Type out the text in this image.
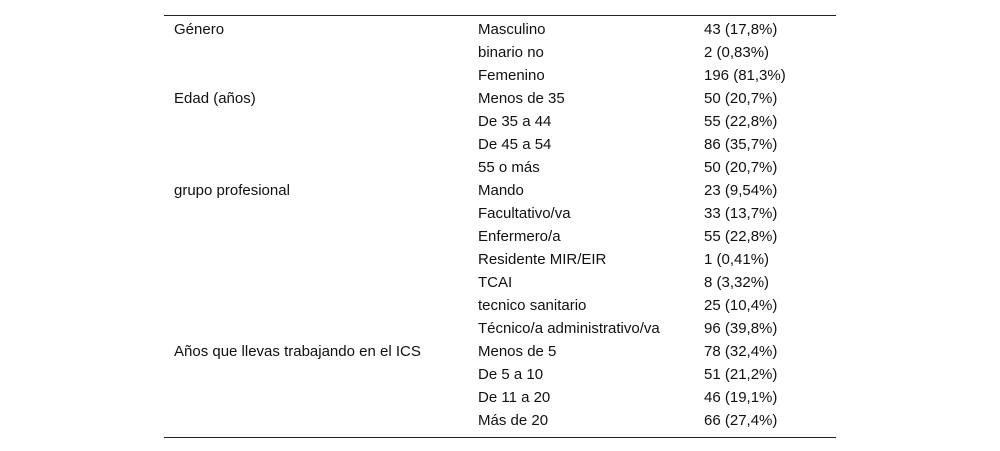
Género	Masculino	43 (17,8%)
	binario no	2 (0,83%)
	Femenino	196 (81,3%)
Edad (años)	Menos de 35	50 (20,7%)
	De 35 a 44	55 (22,8%)
	De 45 a 54	86 (35,7%)
	55 o más	50 (20,7%)
grupo profesional	Mando	23 (9,54%)
	Facultativo/va	33 (13,7%)
	Enfermero/a	55 (22,8%)
	Residente MIR/EIR	1 (0,41%)
	TCAI	8 (3,32%)
	tecnico sanitario	25 (10,4%)
	Técnico/a administrativo/va	96 (39,8%)
Años que llevas trabajando en el ICS	Menos de 5	78 (32,4%)
	De 5 a 10	51 (21,2%)
	De 11 a 20	46 (19,1%)
	Más de 20	66 (27,4%)
